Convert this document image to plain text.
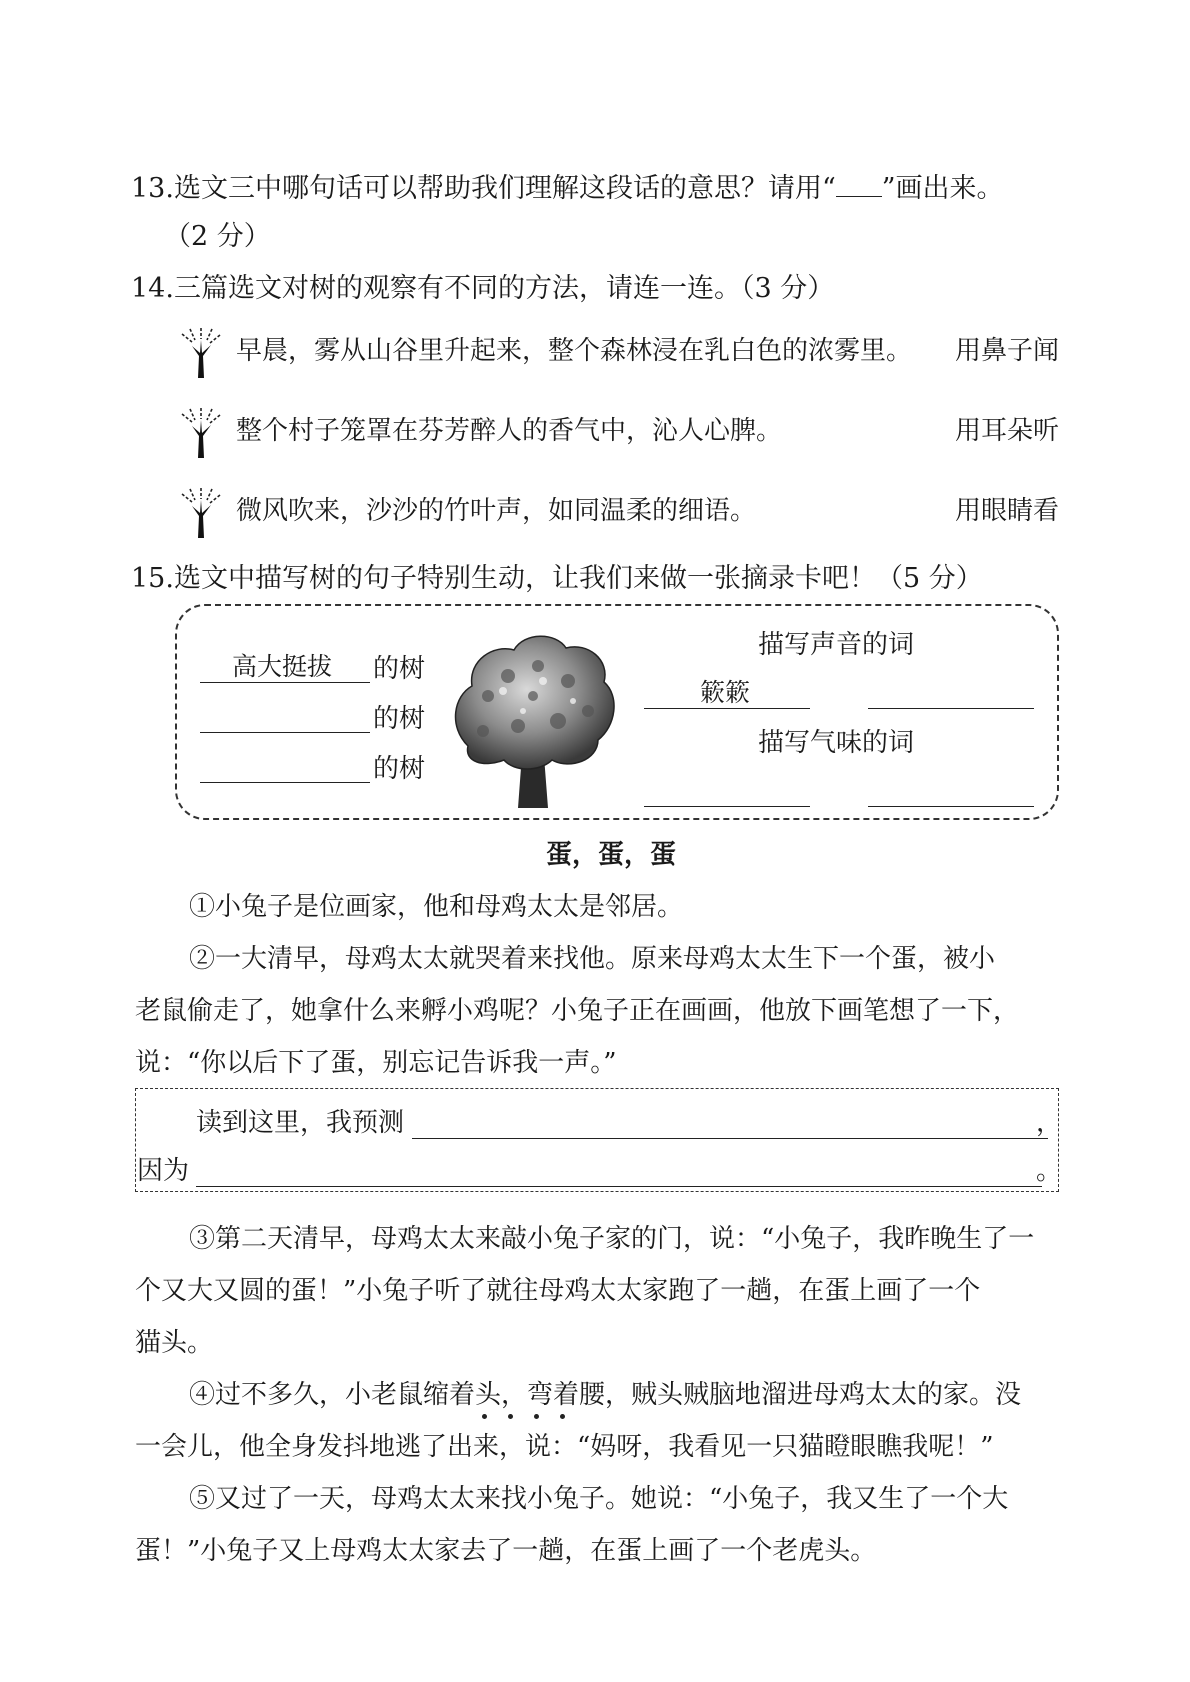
13.选文三中哪句话可以帮助我们理解这段话的意思？请用“ ”画出来。
（2 分）
14.三篇选文对树的观察有不同的方法，请连一连。（3 分）
早晨，雾从山谷里升起来，整个森林浸在乳白色的浓雾里。 用鼻子闻
整个村子笼罩在芬芳醉人的香气中，沁人心脾。	用耳朵听
微风吹来，沙沙的竹叶声，如同温柔的细语。	用眼睛看
15.选文中描写树的句子特别生动，让我们来做一张摘录卡吧！（5 分）
高大挺拔 的树
的树
的树
描写声音的词
簌簌
描写气味的词
蛋，蛋，蛋
①小兔子是位画家，他和母鸡太太是邻居。
②一大清早，母鸡太太就哭着来找他。原来母鸡太太生下一个蛋，被小
老鼠偷走了，她拿什么来孵小鸡呢？小兔子正在画画，他放下画笔想了一下，
说：“你以后下了蛋，别忘记告诉我一声。”
读到这里，我预测	，
因为	。
③第二天清早，母鸡太太来敲小兔子家的门，说：“小兔子，我昨晚生了一
个又大又圆的蛋！”小兔子听了就往母鸡太太家跑了一趟，在蛋上画了一个
猫头。
④过不多久，小老鼠缩着头，弯着腰，贼头贼脑地溜进母鸡太太的家。没
一会儿，他全身发抖地逃了出来，说：“妈呀，我看见一只猫瞪眼瞧我呢！”
⑤又过了一天，母鸡太太来找小兔子。她说：“小兔子，我又生了一个大
蛋！”小兔子又上母鸡太太家去了一趟，在蛋上画了一个老虎头。
